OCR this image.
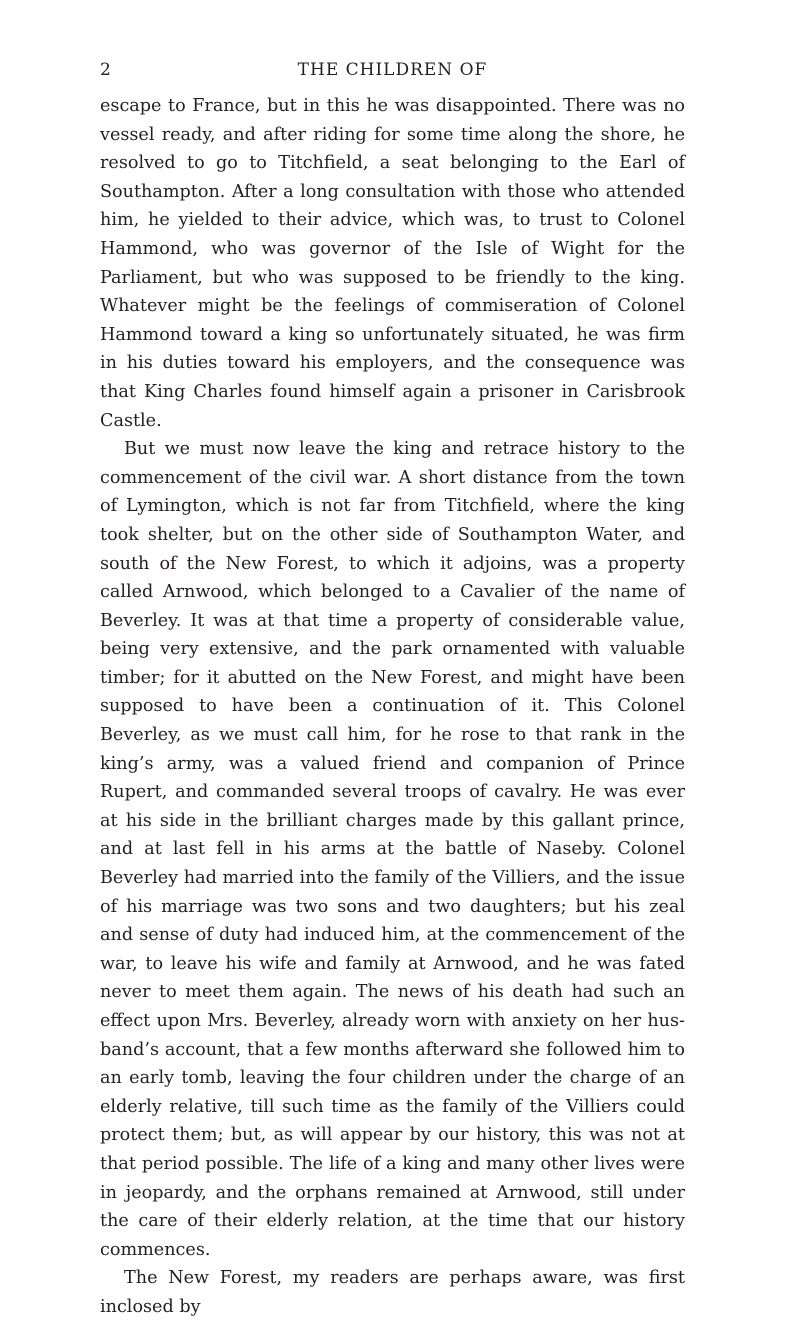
2	THE CHILDREN OF

escape to France, but in this he was disappointed. There was no vessel ready, and after riding for some time along the shore, he resolved to go to Titchfield, a seat belonging to the Earl of Southampton. After a long consultation with those who attended him, he yielded to their advice, which was, to trust to Colonel Hammond, who was governor of the Isle of Wight for the Parliament, but who was supposed to be friendly to the king. Whatever might be the feelings of commiseration of Colonel Hammond toward a king so unfortunately situated, he was firm in his duties toward his employers, and the consequence was that King Charles found himself again a prisoner in Carisbrook Castle.

But we must now leave the king and retrace history to the commencement of the civil war. A short distance from the town of Lymington, which is not far from Titchfield, where the king took shelter, but on the other side of Southampton Water, and south of the New Forest, to which it adjoins, was a property called Arnwood, which belonged to a Cavalier of the name of Beverley. It was at that time a property of considerable value, being very extensive, and the park ornamented with valuable timber; for it abutted on the New Forest, and might have been supposed to have been a continuation of it. This Colonel Beverley, as we must call him, for he rose to that rank in the king’s army, was a valued friend and companion of Prince Rupert, and commanded several troops of cavalry. He was ever at his side in the brilliant charges made by this gallant prince, and at last fell in his arms at the battle of Naseby. Colonel Beverley had married into the family of the Villiers, and the issue of his marriage was two sons and two daughters; but his zeal and sense of duty had induced him, at the commencement of the war, to leave his wife and family at Arnwood, and he was fated never to meet them again. The news of his death had such an effect upon Mrs. Beverley, already worn with anxiety on her husband’s account, that a few months afterward she followed him to an early tomb, leaving the four children under the charge of an elderly relative, till such time as the family of the Villiers could protect them; but, as will appear by our history, this was not at that period possible. The life of a king and many other lives were in jeopardy, and the orphans remained at Arnwood, still under the care of their elderly relation, at the time that our history commences.

The New Forest, my readers are perhaps aware, was first inclosed by
